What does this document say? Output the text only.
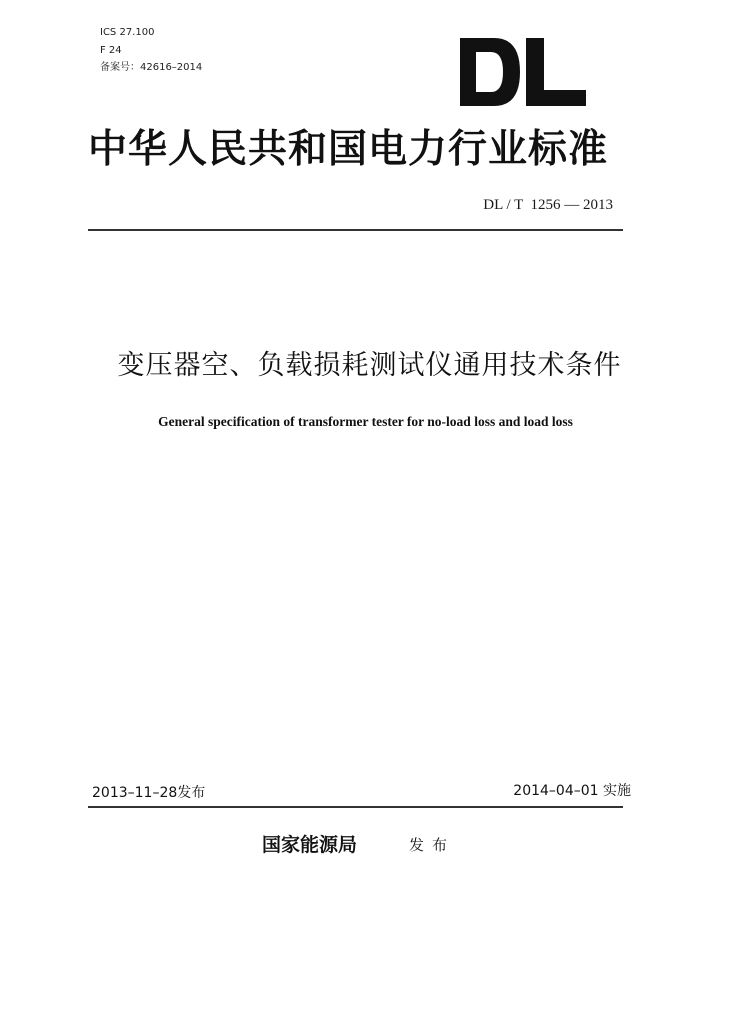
ICS 27.100
F 24
备案号：42616–2014
中华人民共和国电力行业标准
DL / T  1256 — 2013
变压器空、负载损耗测试仪通用技术条件
General specification of transformer tester for no-load loss and load loss
2013–11–28发布	2014–04–01 实施
国家能源局	发布
